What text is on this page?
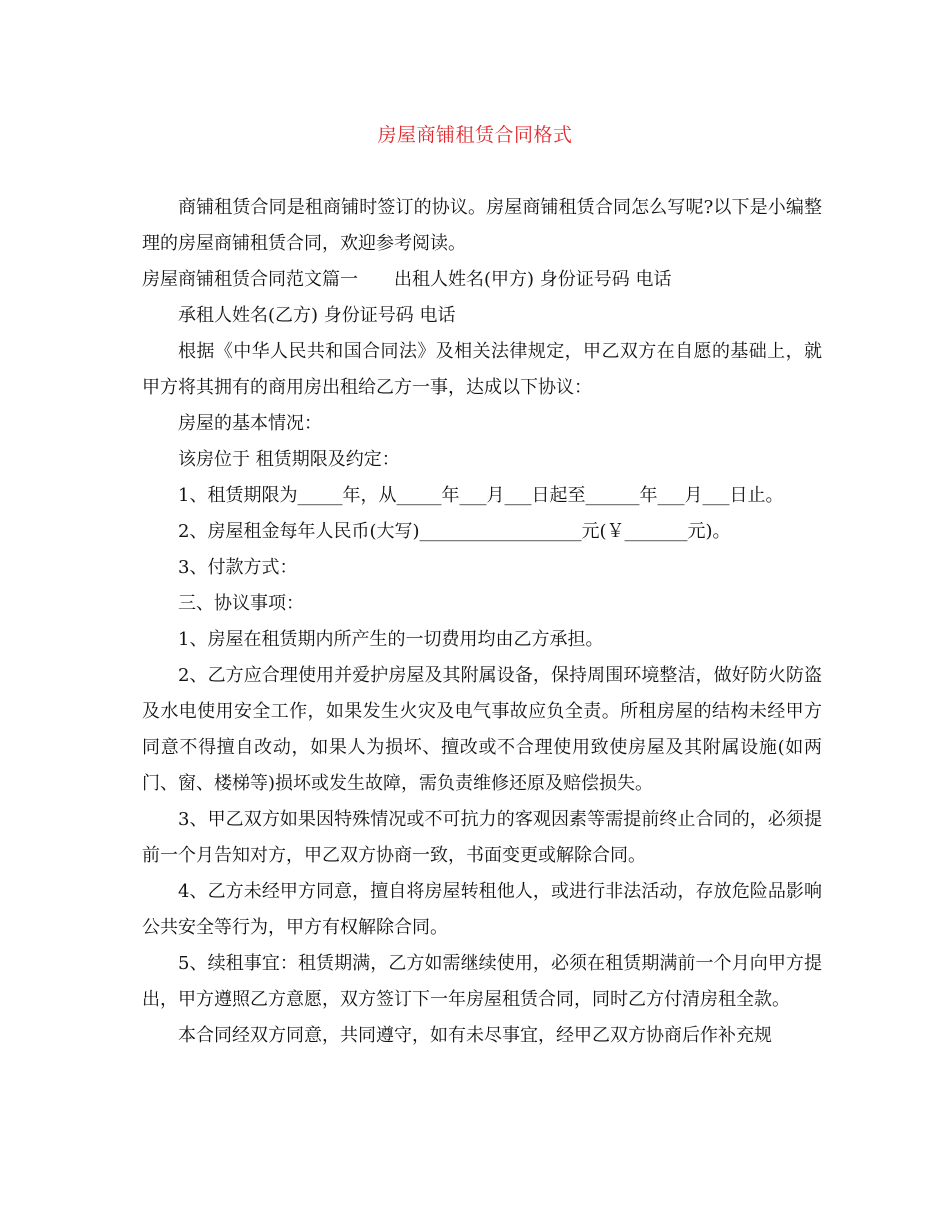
房屋商铺租赁合同格式

商铺租赁合同是租商铺时签订的协议。房屋商铺租赁合同怎么写呢?以下是小编整理的房屋商铺租赁合同，欢迎参考阅读。

房屋商铺租赁合同范文篇一 出租人姓名(甲方) 身份证号码 电话

承租人姓名(乙方) 身份证号码 电话

根据《中华人民共和国合同法》及相关法律规定，甲乙双方在自愿的基础上，就甲方将其拥有的商用房出租给乙方一事，达成以下协议：

房屋的基本情况：

该房位于 租赁期限及约定：

1、租赁期限为_____年，从_____年___月___日起至______年___月___日止。

2、房屋租金每年人民币(大写)__________________元(￥_______元)。

3、付款方式：

三、协议事项：

1、房屋在租赁期内所产生的一切费用均由乙方承担。

2、乙方应合理使用并爱护房屋及其附属设备，保持周围环境整洁，做好防火防盗及水电使用安全工作，如果发生火灾及电气事故应负全责。所租房屋的结构未经甲方同意不得擅自改动，如果人为损坏、擅改或不合理使用致使房屋及其附属设施(如两门、窗、楼梯等)损坏或发生故障，需负责维修还原及赔偿损失。

3、甲乙双方如果因特殊情况或不可抗力的客观因素等需提前终止合同的，必须提前一个月告知对方，甲乙双方协商一致，书面变更或解除合同。

4、乙方未经甲方同意，擅自将房屋转租他人，或进行非法活动，存放危险品影响公共安全等行为，甲方有权解除合同。

5、续租事宜：租赁期满，乙方如需继续使用，必须在租赁期满前一个月向甲方提出，甲方遵照乙方意愿，双方签订下一年房屋租赁合同，同时乙方付清房租全款。

本合同经双方同意，共同遵守，如有未尽事宜，经甲乙双方协商后作补充规
